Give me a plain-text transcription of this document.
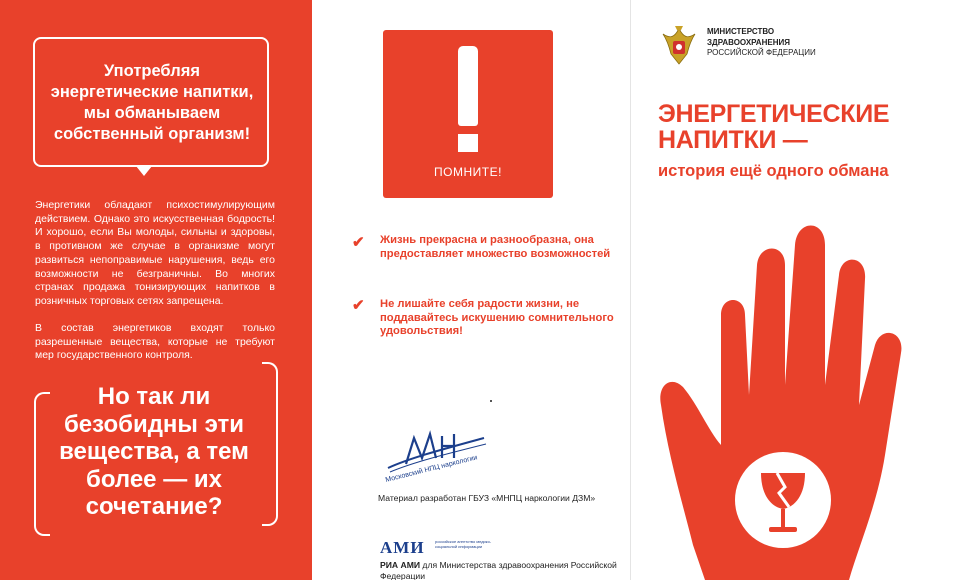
Употребляя энергетические напитки, мы обманываем собственный организм!
Энергетики обладают психостимулирующим действием. Однако это искусственная бодрость! И хорошо, если Вы молоды, сильны и здоровы, в противном же случае в организме могут развиться непоправимые нарушения, ведь его возможности не безграничны. Во многих странах продажа тонизирующих напитков в розничных торговых сетях запрещена.
В состав энергетиков входят только разрешенные вещества, которые не требуют мер государственного контроля.
Но так ли безобидны эти вещества, а тем более — их сочетание?
ПОМНИТЕ!
✔ Жизнь прекрасна и разнообразна, она предоставляет множество возможностей
✔ Не лишайте себя радости жизни, не поддавайтесь искушению сомнительного удовольствия!
Московский НПЦ наркологии
Материал разработан ГБУЗ «МНПЦ наркологии ДЗМ»
АМИ	российское агентство медико-социальной информации
РИА АМИ для Министерства здравоохранения Российской Федерации
МИНИСТЕРСТВО
ЗДРАВООХРАНЕНИЯ
РОССИЙСКОЙ ФЕДЕРАЦИИ
ЭНЕРГЕТИЧЕСКИЕ НАПИТКИ —
история ещё одного обмана
